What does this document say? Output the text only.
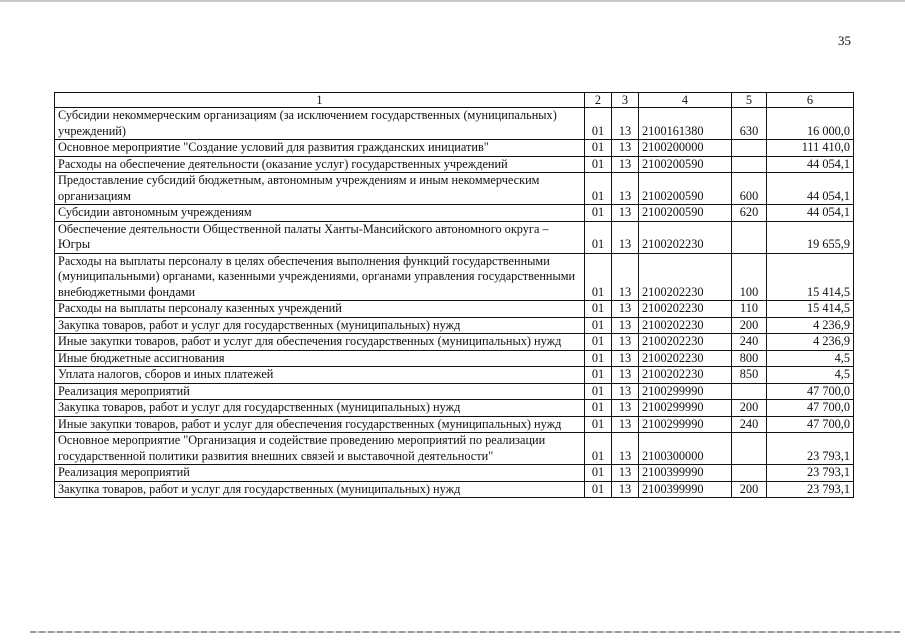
35
1	2	3	4	5	6
Субсидии некоммерческим организациям (за исключением государственных (муниципальных) учреждений)	01	13	2100161380	630	16 000,0
Основное мероприятие "Создание условий для развития гражданских инициатив"	01	13	2100200000		111 410,0
Расходы на обеспечение деятельности (оказание услуг) государственных учреждений	01	13	2100200590		44 054,1
Предоставление субсидий бюджетным, автономным учреждениям и иным некоммерческим организациям	01	13	2100200590	600	44 054,1
Субсидии автономным учреждениям	01	13	2100200590	620	44 054,1
Обеспечение деятельности Общественной палаты Ханты-Мансийского автономного округа – Югры	01	13	2100202230		19 655,9
Расходы на выплаты персоналу в целях обеспечения выполнения функций государственными (муниципальными) органами, казенными учреждениями, органами управления государственными внебюджетными фондами	01	13	2100202230	100	15 414,5
Расходы на выплаты персоналу казенных учреждений	01	13	2100202230	110	15 414,5
Закупка товаров, работ и услуг для государственных (муниципальных) нужд	01	13	2100202230	200	4 236,9
Иные закупки товаров, работ и услуг для обеспечения государственных (муниципальных) нужд	01	13	2100202230	240	4 236,9
Иные бюджетные ассигнования	01	13	2100202230	800	4,5
Уплата налогов, сборов и иных платежей	01	13	2100202230	850	4,5
Реализация мероприятий	01	13	2100299990		47 700,0
Закупка товаров, работ и услуг для государственных (муниципальных) нужд	01	13	2100299990	200	47 700,0
Иные закупки товаров, работ и услуг для обеспечения государственных (муниципальных) нужд	01	13	2100299990	240	47 700,0
Основное мероприятие "Организация и содействие проведению мероприятий по реализации государственной политики развития внешних связей и выставочной деятельности"	01	13	2100300000		23 793,1
Реализация мероприятий	01	13	2100399990		23 793,1
Закупка товаров, работ и услуг для государственных (муниципальных) нужд	01	13	2100399990	200	23 793,1
